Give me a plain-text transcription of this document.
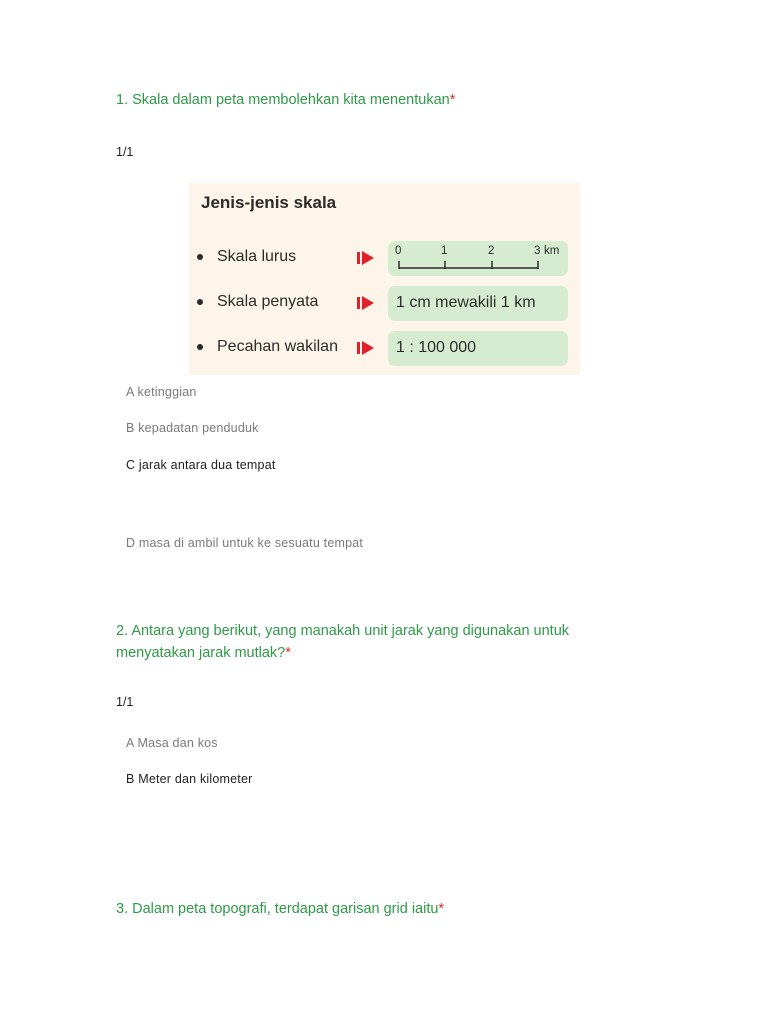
1. Skala dalam peta membolehkan kita menentukan*
1/1
Jenis-jenis skala
Skala lurus	0	1	2	3 km
Skala penyata	1 cm mewakili 1 km
Pecahan wakilan	1 : 100 000
A ketinggian
B kepadatan penduduk
C jarak antara dua tempat
D masa di ambil untuk ke sesuatu tempat
2. Antara yang berikut, yang manakah unit jarak yang digunakan untuk menyatakan jarak mutlak?*
1/1
A Masa dan kos
B Meter dan kilometer
3. Dalam peta topografi, terdapat garisan grid iaitu*
